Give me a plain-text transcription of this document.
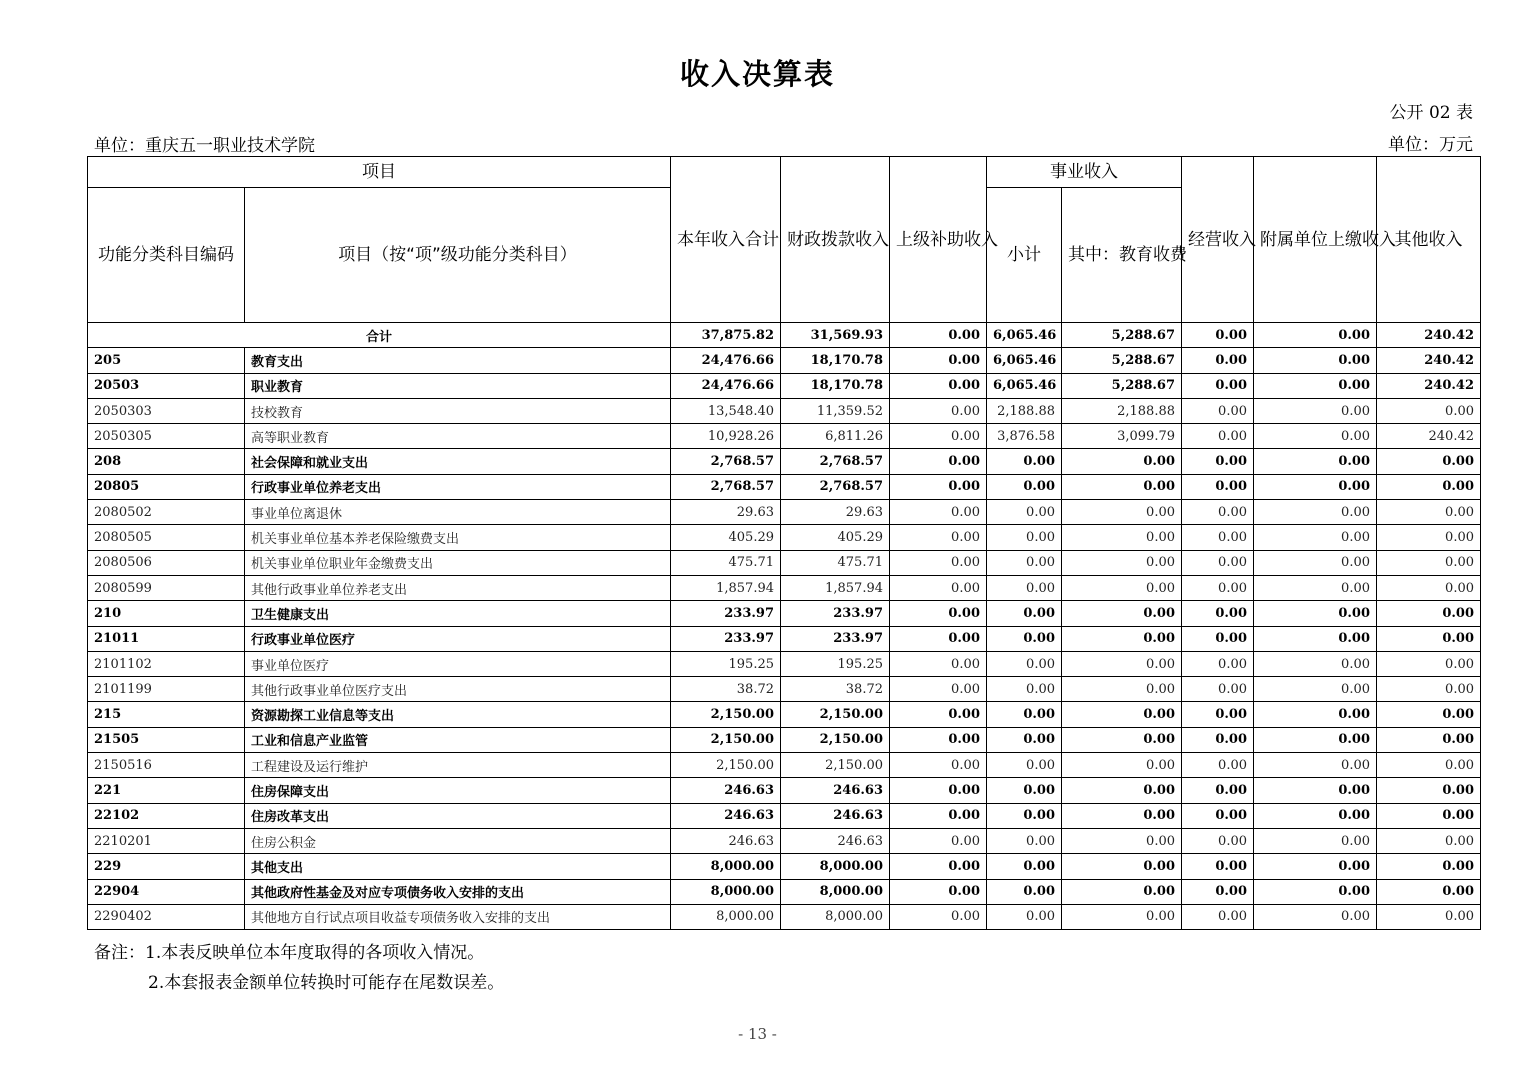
收入决算表
公开 02 表
单位：重庆五一职业技术学院	单位：万元
项目		本年收入合计	财政拨款收入	上级补助收入	事业收入		经营收入	附属单位上缴收入	其他收入
功能分类科目编码	项目（按“项”级功能分类科目）				小计	其中：教育收费			
合计		37,875.82	31,569.93	0.00	6,065.46	5,288.67	0.00	0.00	240.42
205	教育支出	24,476.66	18,170.78	0.00	6,065.46	5,288.67	0.00	0.00	240.42
20503	职业教育	24,476.66	18,170.78	0.00	6,065.46	5,288.67	0.00	0.00	240.42
2050303	技校教育	13,548.40	11,359.52	0.00	2,188.88	2,188.88	0.00	0.00	0.00
2050305	高等职业教育	10,928.26	6,811.26	0.00	3,876.58	3,099.79	0.00	0.00	240.42
208	社会保障和就业支出	2,768.57	2,768.57	0.00	0.00	0.00	0.00	0.00	0.00
20805	行政事业单位养老支出	2,768.57	2,768.57	0.00	0.00	0.00	0.00	0.00	0.00
2080502	事业单位离退休	29.63	29.63	0.00	0.00	0.00	0.00	0.00	0.00
2080505	机关事业单位基本养老保险缴费支出	405.29	405.29	0.00	0.00	0.00	0.00	0.00	0.00
2080506	机关事业单位职业年金缴费支出	475.71	475.71	0.00	0.00	0.00	0.00	0.00	0.00
2080599	其他行政事业单位养老支出	1,857.94	1,857.94	0.00	0.00	0.00	0.00	0.00	0.00
210	卫生健康支出	233.97	233.97	0.00	0.00	0.00	0.00	0.00	0.00
21011	行政事业单位医疗	233.97	233.97	0.00	0.00	0.00	0.00	0.00	0.00
2101102	事业单位医疗	195.25	195.25	0.00	0.00	0.00	0.00	0.00	0.00
2101199	其他行政事业单位医疗支出	38.72	38.72	0.00	0.00	0.00	0.00	0.00	0.00
215	资源勘探工业信息等支出	2,150.00	2,150.00	0.00	0.00	0.00	0.00	0.00	0.00
21505	工业和信息产业监管	2,150.00	2,150.00	0.00	0.00	0.00	0.00	0.00	0.00
2150516	工程建设及运行维护	2,150.00	2,150.00	0.00	0.00	0.00	0.00	0.00	0.00
221	住房保障支出	246.63	246.63	0.00	0.00	0.00	0.00	0.00	0.00
22102	住房改革支出	246.63	246.63	0.00	0.00	0.00	0.00	0.00	0.00
2210201	住房公积金	246.63	246.63	0.00	0.00	0.00	0.00	0.00	0.00
229	其他支出	8,000.00	8,000.00	0.00	0.00	0.00	0.00	0.00	0.00
22904	其他政府性基金及对应专项债务收入安排的支出	8,000.00	8,000.00	0.00	0.00	0.00	0.00	0.00	0.00
2290402	其他地方自行试点项目收益专项债务收入安排的支出	8,000.00	8,000.00	0.00	0.00	0.00	0.00	0.00	0.00
备注：1.本表反映单位本年度取得的各项收入情况。
2.本套报表金额单位转换时可能存在尾数误差。
- 13 -
